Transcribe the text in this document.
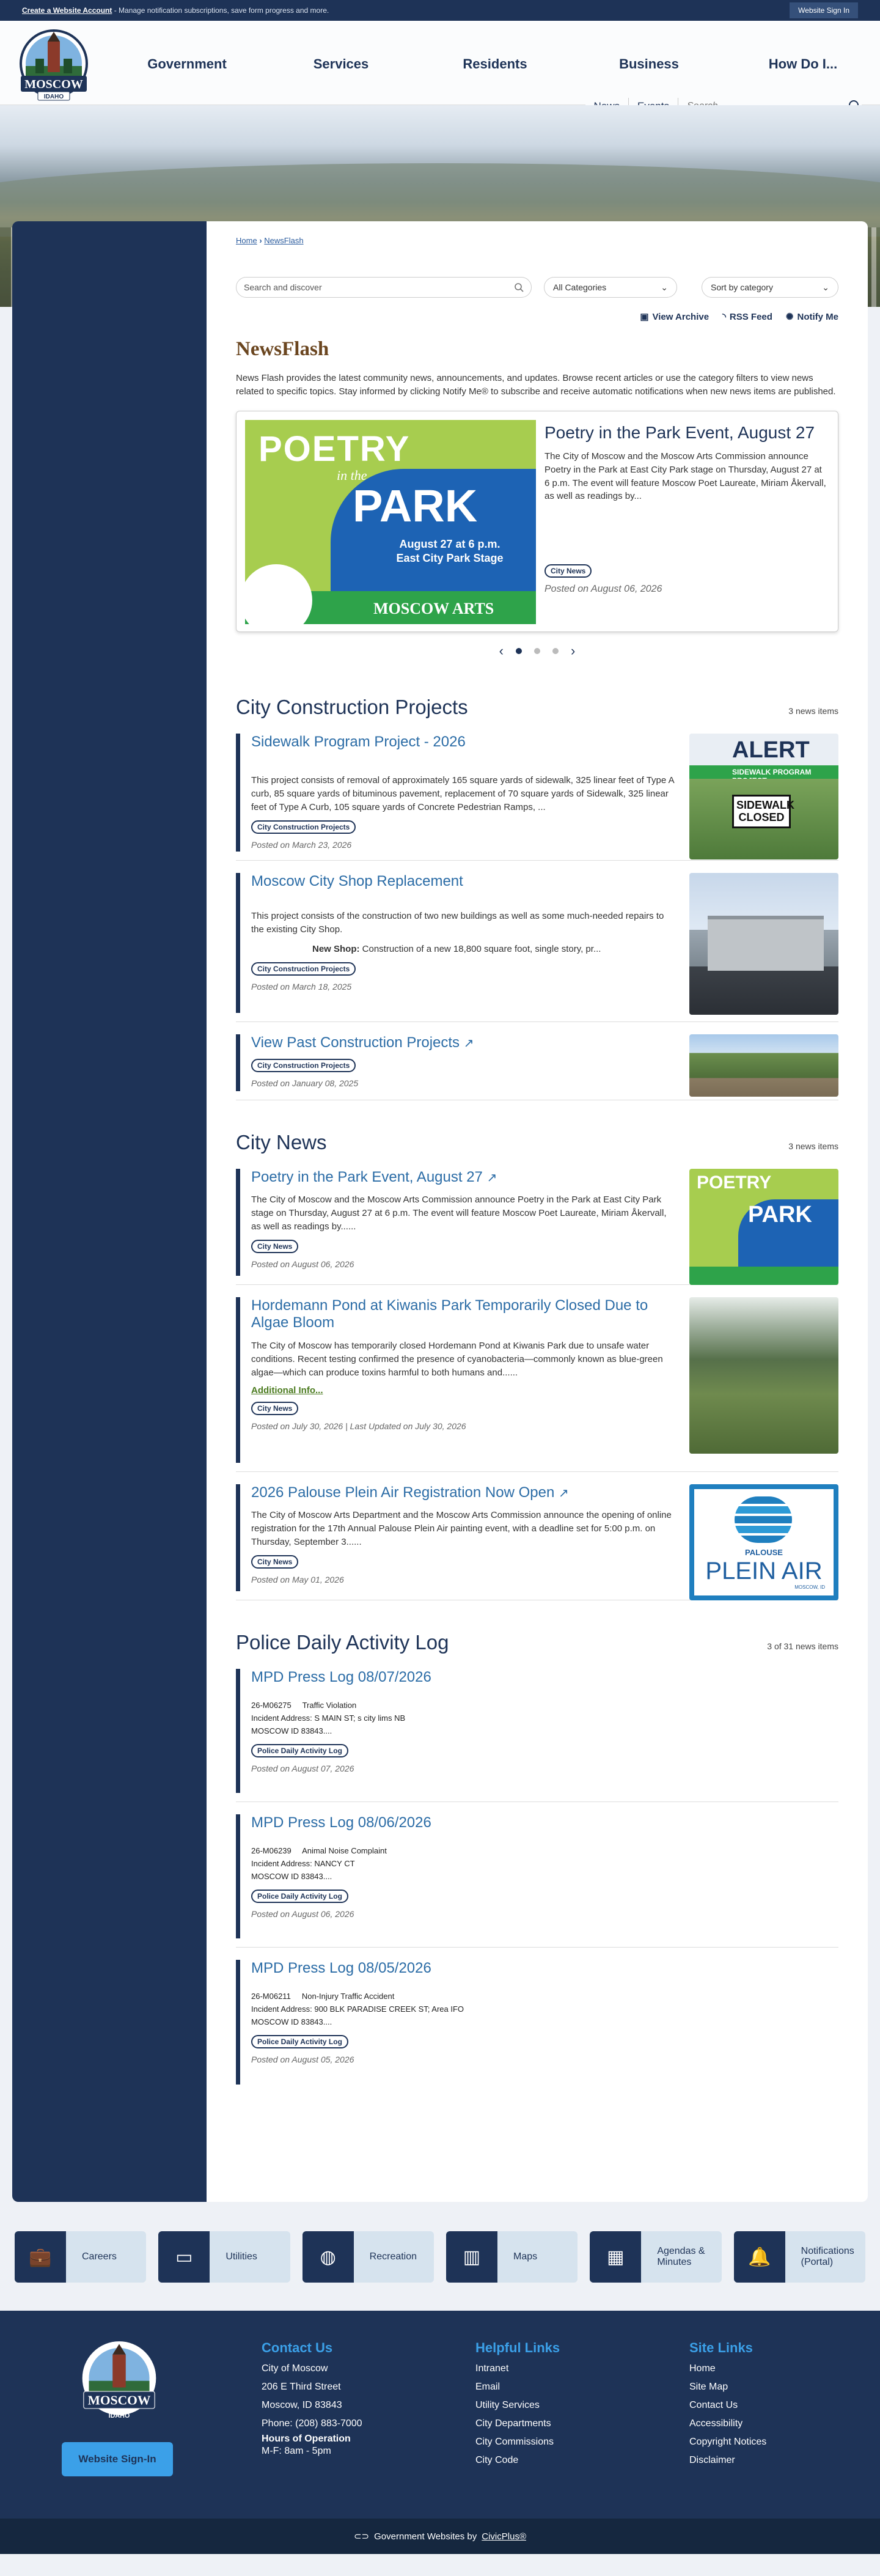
Create a Website Account - Manage notification subscriptions, save form progress and more.	Website Sign In
MOSCOW
IDAHO
Government	Services	Residents	Business	How Do I...
Search
Home › NewsFlash
Search and discover	All Categories	⌄	Sort by category	⌄
▣ View Archive ◝ RSS Feed ✺ Notify Me
NewsFlash

News Flash provides the latest community news, announcements, and updates. Browse recent articles or use the category filters to view news related to specific topics. Stay informed by clicking Notify Me® to subscribe and receive automatic notifications when new news items are published.

POETRY
in the
PARK
August 27 at 6 p.m.
East City Park Stage
MOSCOW ARTS
Poetry in the Park Event, August 27

The City of Moscow and the Moscow Arts Commission announce Poetry in the Park at East City Park stage on Thursday, August 27 at 6 p.m. The event will feature Moscow Poet Laureate, Miriam Åkervall, as well as readings by...

City News
Posted on August 06, 2026
‹	›
City Construction Projects	3 news items
Sidewalk Program Project - 2026

This project consists of removal of approximately 165 square yards of sidewalk, 325 linear feet of Type A curb, 85 square yards of bituminous pavement, replacement of 70 square yards of Sidewalk, 325 linear feet of Type A Curb, 105 square yards of Concrete Pedestrian Ramps, ...

City Construction Projects
Posted on March 23, 2026
ALERT
SIDEWALK PROGRAM
SIDEWALK CLOSED
Moscow City Shop Replacement

This project consists of the construction of two new buildings as well as some much-needed repairs to the existing City Shop.

New Shop: Construction of a new 18,800 square foot, single story, pr...

City Construction Projects
Posted on March 18, 2025
View Past Construction Projects ↗
City Construction Projects
Posted on January 08, 2025
City News	3 news items
Poetry in the Park Event, August 27 ↗

The City of Moscow and the Moscow Arts Commission announce Poetry in the Park at East City Park stage on Thursday, August 27 at 6 p.m. The event will feature Moscow Poet Laureate, Miriam Åkervall, as well as readings by......

City News
Posted on August 06, 2026
POETRY
PARK
Hordemann Pond at Kiwanis Park Temporarily Closed Due to Algae Bloom

The City of Moscow has temporarily closed Hordemann Pond at Kiwanis Park due to unsafe water conditions. Recent testing confirmed the presence of cyanobacteria—commonly known as blue-green algae—which can produce toxins harmful to both humans and......

Additional Info...
City News
Posted on July 30, 2026 | Last Updated on July 30, 2026
2026 Palouse Plein Air Registration Now Open ↗

The City of Moscow Arts Department and the Moscow Arts Commission announce the opening of online registration for the 17th Annual Palouse Plein Air painting event, with a deadline set for 5:00 p.m. on Thursday, September 3......

City News
Posted on May 01, 2026
PALOUSE
PLEIN AIR
MOSCOW, ID
Police Daily Activity Log	3 of 31 news items
MPD Press Log 08/07/2026
26-M06275     Traffic Violation
Incident Address: S MAIN ST; s city lims NB
MOSCOW ID 83843....
Police Daily Activity Log
Posted on August 07, 2026
MPD Press Log 08/06/2026
26-M06239     Animal Noise Complaint
Incident Address: NANCY CT
MOSCOW ID 83843....
Police Daily Activity Log
Posted on August 06, 2026
MPD Press Log 08/05/2026
26-M06211     Non-Injury Traffic Accident
Incident Address: 900 BLK PARADISE CREEK ST; Area IFO
MOSCOW ID 83843....
Police Daily Activity Log
Posted on August 05, 2026
💼	Careers	▭	Utilities	◍	Recreation	▥	Maps	▦	Agendas & Minutes	🔔	Notifications (Portal)
MOSCOW
IDAHO
Website Sign-In
Contact Us
City of Moscow
206 E Third Street
Moscow, ID 83843
Phone: (208) 883-7000
Hours of Operation
M-F: 8am - 5pm
Helpful Links
Intranet
Email
Utility Services
City Departments
City Commissions
City Code
Site Links
Home
Site Map
Contact Us
Accessibility
Copyright Notices
Disclaimer
⊂⊃ Government Websites by CivicPlus®
